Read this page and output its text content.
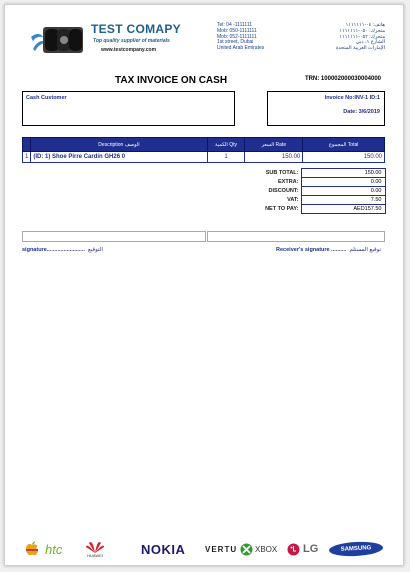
TEST COMAPY
Top quality supplier of materials
www.testcompany.com
Tel: 04 -1111111
Mob: 050-1111111
Mob: 052-1111111
1st street, Dubai
United Arab Emirates
هاتف: ٠٤-١١١١١١١
متحرك: ٠٥٠-١١١١١١١
متحرك: ٠٥٢-١١١١١١١
الشارع ١، دبي
الإمارات العربية المتحدة
TAX INVOICE ON CASH	TRN: 100002000030004000
Cash Customer	Invoice No:INV-1 ID:1
Date: 3/6/2019
	Description الوصف	الكمية Qty	السعر Rate	المجموع Total
1	(ID: 1) Shoe Pirre Cardin GH26 0	1	150.00	150.00
SUB TOTAL:	150.00
EXTRA:	0.00
DISCOUNT:	0.00
VAT:	7.50
NET TO PAY:	AED157.50
signature......................... التوقيع	Receiver's signature .......... توقيع المستلم
htc	HUAWEI	NOKIA VERTU XBOX LG	SAMSUNG
